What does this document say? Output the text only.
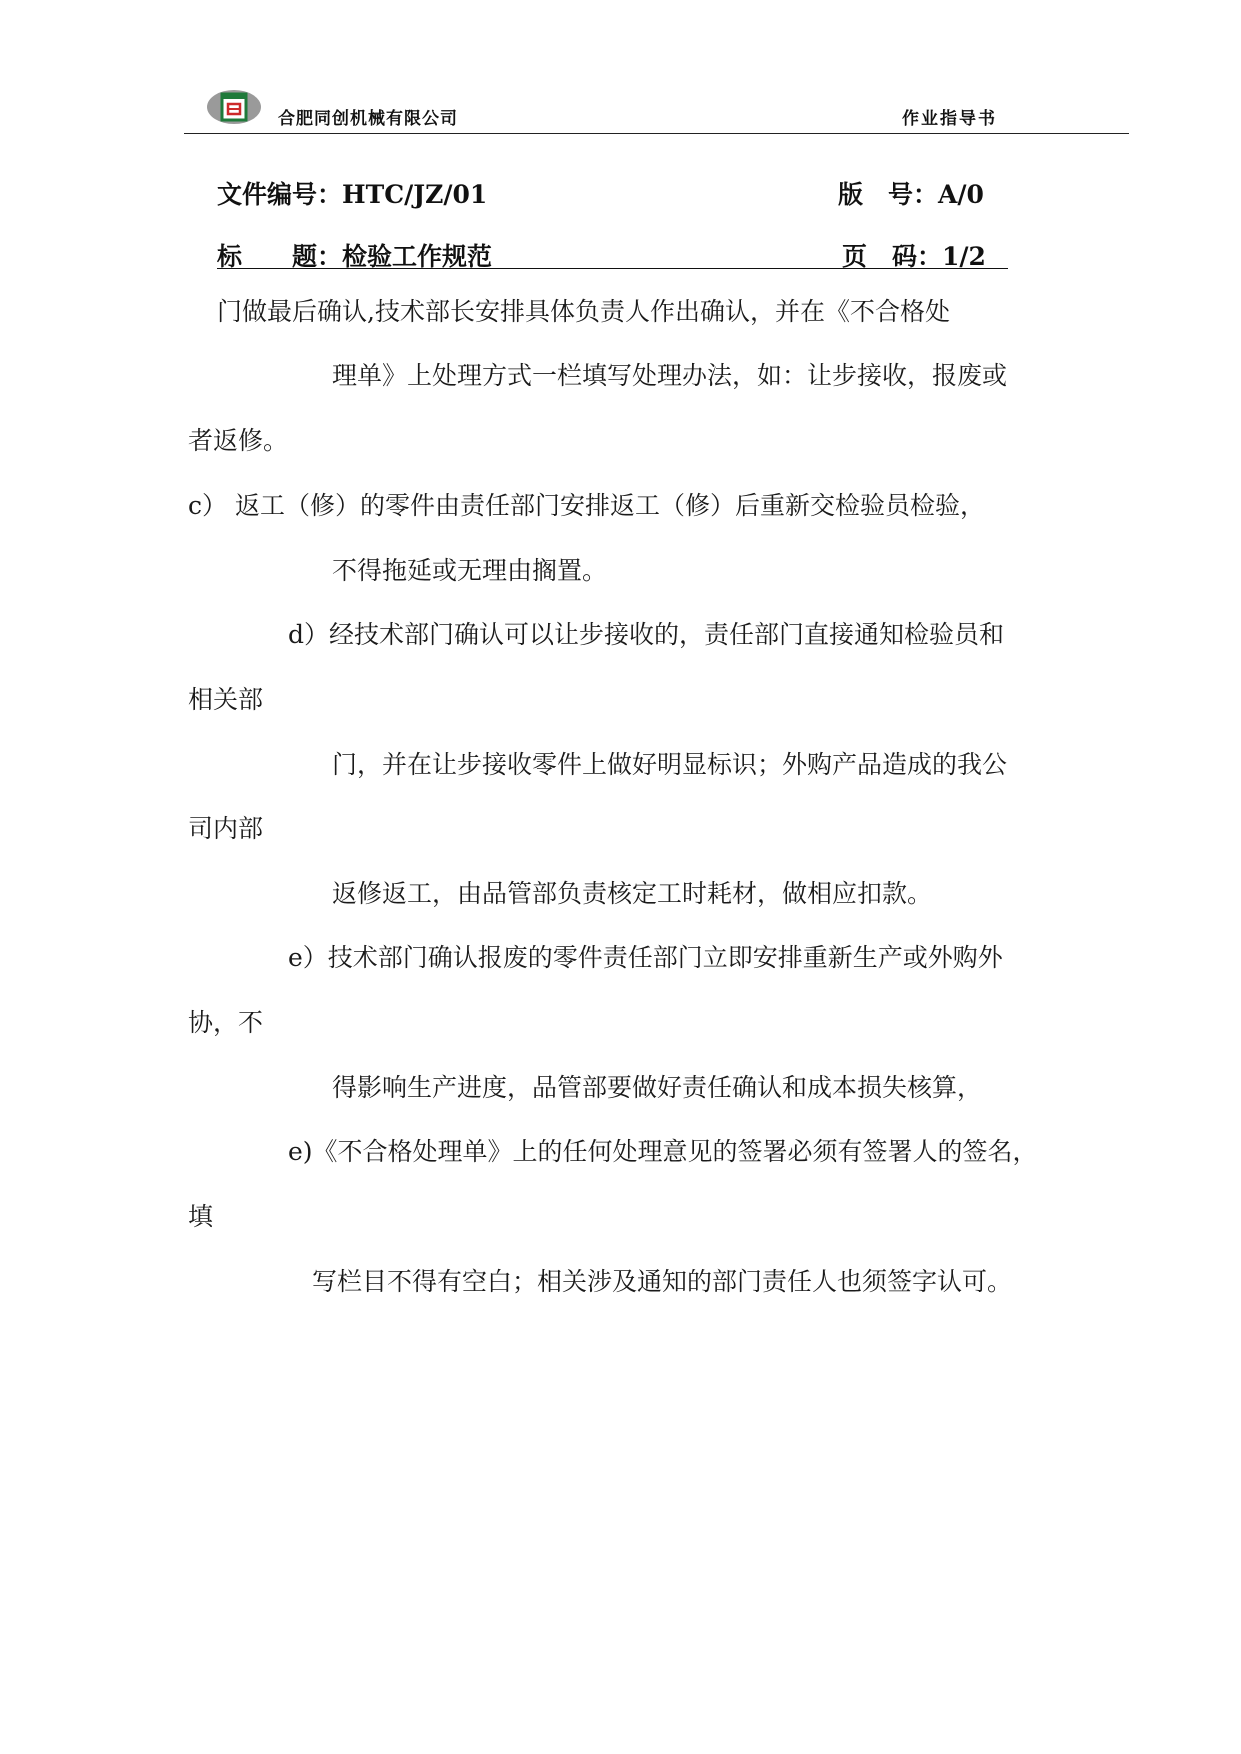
合肥同创机械有限公司	作业指导书
文件编号：HTC/JZ/01	版　号：A/0
标　　题：检验工作规范	页　码：1/2
门做最后确认,技术部长安排具体负责人作出确认，并在《不合格处
理单》上处理方式一栏填写处理办法，如：让步接收，报废或
者返修。
c） 返工（修）的零件由责任部门安排返工（修）后重新交检验员检验，
不得拖延或无理由搁置。
d）经技术部门确认可以让步接收的，责任部门直接通知检验员和
相关部
门，并在让步接收零件上做好明显标识；外购产品造成的我公
司内部
返修返工，由品管部负责核定工时耗材，做相应扣款。
e）技术部门确认报废的零件责任部门立即安排重新生产或外购外
协，不
得影响生产进度，品管部要做好责任确认和成本损失核算，
e)《不合格处理单》上的任何处理意见的签署必须有签署人的签名，
填
写栏目不得有空白；相关涉及通知的部门责任人也须签字认可。
